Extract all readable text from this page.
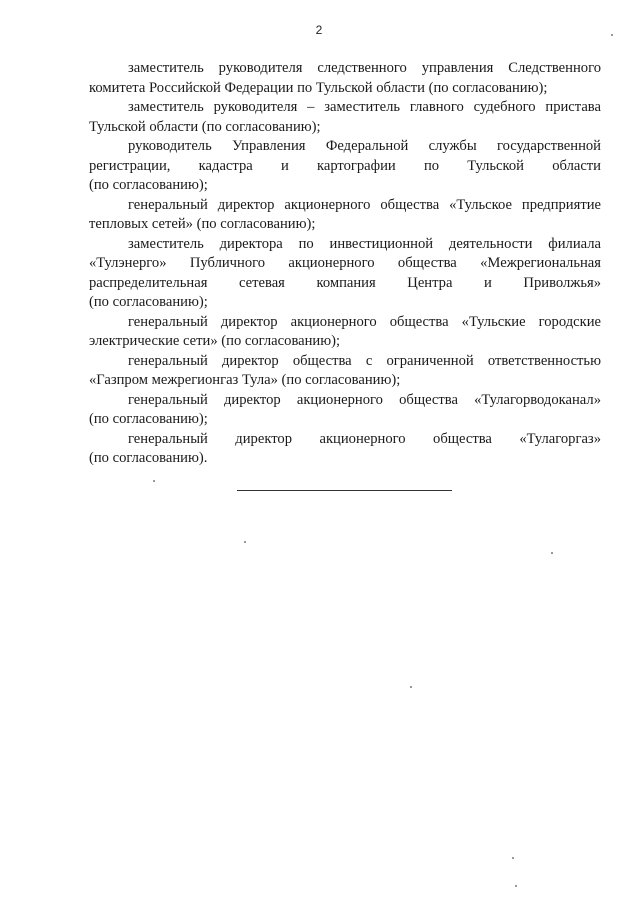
2

заместитель руководителя следственного управления Следственного
комитета Российской Федерации по Тульской области (по согласованию);

заместитель руководителя – заместитель главного судебного пристава
Тульской области (по согласованию);

руководитель Управления Федеральной службы государственной
регистрации, кадастра и картографии по Тульской области
(по согласованию);

генеральный директор акционерного общества «Тульское предприятие
тепловых сетей» (по согласованию);

заместитель директора по инвестиционной деятельности филиала
«Тулэнерго» Публичного акционерного общества «Межрегиональная
распределительная сетевая компания Центра и Приволжья»
(по согласованию);

генеральный директор акционерного общества «Тульские городские
электрические сети» (по согласованию);

генеральный директор общества с ограниченной ответственностью
«Газпром межрегионгаз Тула» (по согласованию);

генеральный директор акционерного общества «Тулагорводоканал»
(по согласованию);

генеральный директор акционерного общества «Тулагоргаз»
(по согласованию).
